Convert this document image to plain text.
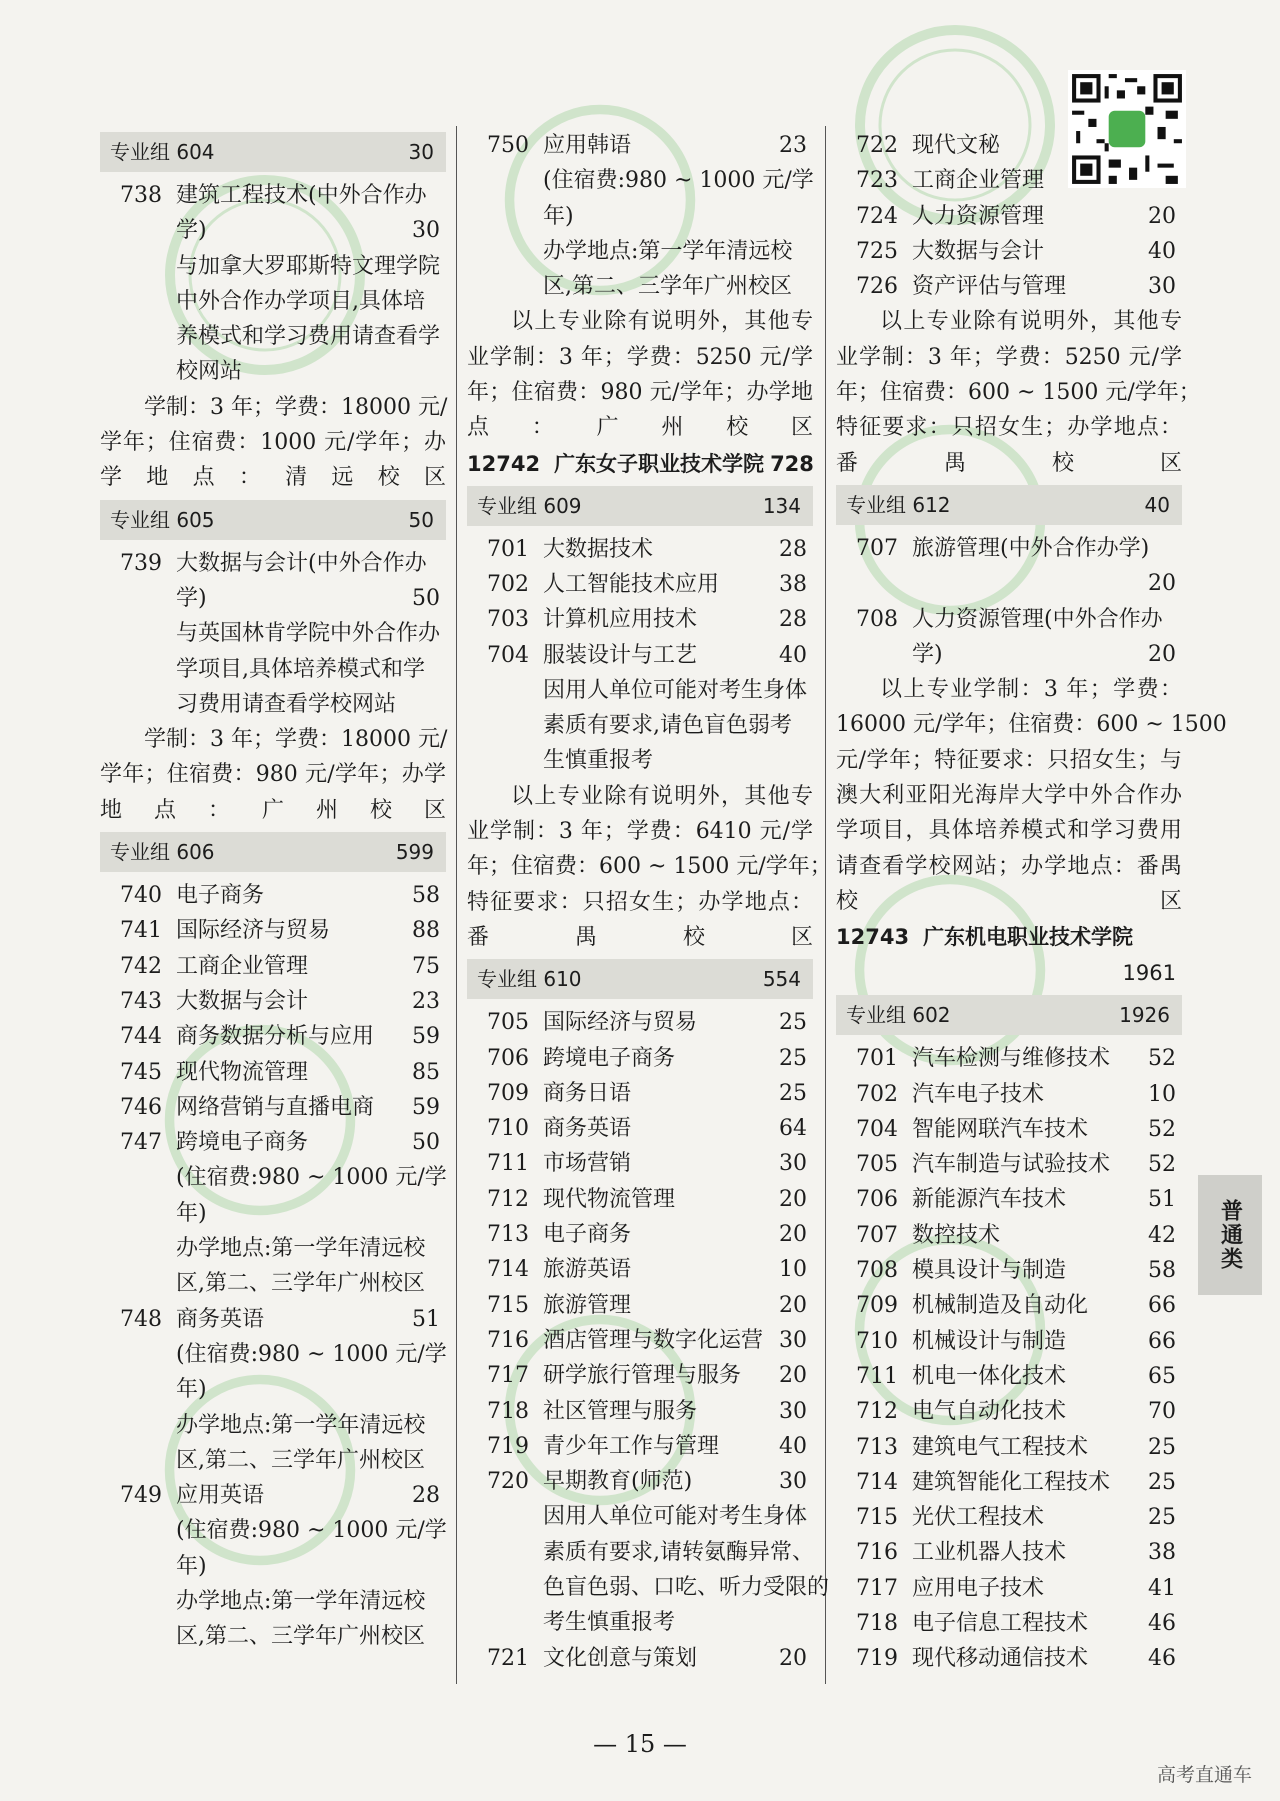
专业组 604	30
738 建筑工程技术(中外合作办
学)	30
与加拿大罗耶斯特文理学院
中外合作办学项目,具体培
养模式和学习费用请查看学
校网站
学制：3 年；学费：18000 元/
学年；住宿费：1000 元/学年；办
学地点：清远校区
专业组 605	50
739 大数据与会计(中外合作办
学)	50
与英国林肯学院中外合作办
学项目,具体培养模式和学
习费用请查看学校网站
学制：3 年；学费：18000 元/
学年；住宿费：980 元/学年；办学
地点：广州校区
专业组 606	599
740 电子商务	58
741 国际经济与贸易	88
742 工商企业管理	75
743 大数据与会计	23
744 商务数据分析与应用 59
745 现代物流管理	85
746 网络营销与直播电商 59
747 跨境电子商务	50
(住宿费:980 ~ 1000 元/学
年)
办学地点:第一学年清远校
区,第二、三学年广州校区
748 商务英语	51
(住宿费:980 ~ 1000 元/学
年)
办学地点:第一学年清远校
区,第二、三学年广州校区
749 应用英语	28
(住宿费:980 ~ 1000 元/学
年)
办学地点:第一学年清远校
区,第二、三学年广州校区
750 应用韩语	23
(住宿费:980 ~ 1000 元/学
年)
办学地点:第一学年清远校
区,第二、三学年广州校区
以上专业除有说明外，其他专
业学制：3 年；学费：5250 元/学
年；住宿费：980 元/学年；办学地
点：广州校区
12742 广东女子职业技术学院 728
专业组 609	134
701 大数据技术	28
702 人工智能技术应用	38
703 计算机应用技术	28
704 服装设计与工艺	40
因用人单位可能对考生身体
素质有要求,请色盲色弱考
生慎重报考
以上专业除有说明外，其他专
业学制：3 年；学费：6410 元/学
年；住宿费：600 ~ 1500 元/学年；
特征要求：只招女生；办学地点：
番禺校区
专业组 610	554
705 国际经济与贸易	25
706 跨境电子商务	25
709 商务日语	25
710 商务英语	64
711 市场营销	30
712 现代物流管理	20
713 电子商务	20
714 旅游英语	10
715 旅游管理	20
716 酒店管理与数字化运营 30
717 研学旅行管理与服务 20
718 社区管理与服务	30
719 青少年工作与管理	40
720 早期教育(师范)	30
因用人单位可能对考生身体
素质有要求,请转氨酶异常、
色盲色弱、口吃、听力受限的
考生慎重报考
721 文化创意与策划	20
722 现代文秘
723 工商企业管理
724 人力资源管理	20
725 大数据与会计	40
726 资产评估与管理	30
以上专业除有说明外，其他专
业学制：3 年；学费：5250 元/学
年；住宿费：600 ~ 1500 元/学年；
特征要求：只招女生；办学地点：
番禺校区
专业组 612	40
707 旅游管理(中外合作办学)
20
708 人力资源管理(中外合作办
学)	20
以上专业学制：3 年；学费：
16000 元/学年；住宿费：600 ~ 1500
元/学年；特征要求：只招女生；与
澳大利亚阳光海岸大学中外合作办
学项目，具体培养模式和学习费用
请查看学校网站；办学地点：番禺
校区
12743 广东机电职业技术学院
1961
专业组 602	1926
701 汽车检测与维修技术 52
702 汽车电子技术	10
704 智能网联汽车技术	52
705 汽车制造与试验技术 52
706 新能源汽车技术	51
707 数控技术	42
708 模具设计与制造	58
709 机械制造及自动化	66
710 机械设计与制造	66
711 机电一体化技术	65
712 电气自动化技术	70
713 建筑电气工程技术	25
714 建筑智能化工程技术 25
715 光伏工程技术	25
716 工业机器人技术	38
717 应用电子技术	41
718 电子信息工程技术	46
719 现代移动通信技术	46
普通类
— 15 —
高考直通车
